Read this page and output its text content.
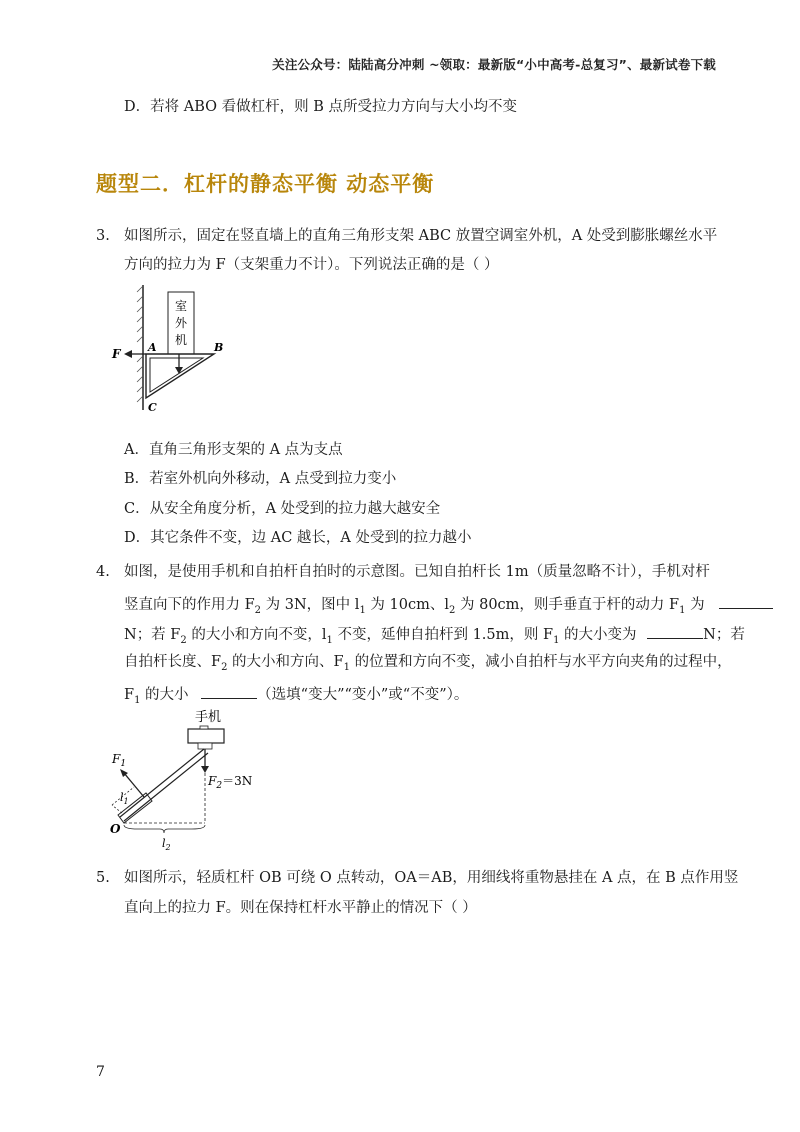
关注公众号：陆陆高分冲刺 ~领取：最新版“小中高考-总复习”、最新试卷下载
D．若将 ABO 看做杠杆，则 B 点所受拉力方向与大小均不变
题型二．杠杆的静态平衡 动态平衡
3. 如图所示，固定在竖直墙上的直角三角形支架 ABC 放置空调室外机，A 处受到膨胀螺丝水平
方向的拉力为 F（支架重力不计）。下列说法正确的是（ ）
室
外
机
F A	B
C
A．直角三角形支架的 A 点为支点
B．若室外机向外移动，A 点受到拉力变小
C．从安全角度分析，A 处受到的拉力越大越安全
D．其它条件不变，边 AC 越长，A 处受到的拉力越小
4. 如图，是使用手机和自拍杆自拍时的示意图。已知自拍杆长 1m（质量忽略不计），手机对杆
竖直向下的作用力 $F_2$ 为 3N，图中 $l_1$ 为 10cm、$l_2$ 为 80cm，则手垂直于杆的动力 $F_1$ 为
N；若 $F_2$ 的大小和方向不变，$l_1$ 不变，延伸自拍杆到 1.5m，则 $F_1$ 的大小变为	N；若
自拍杆长度、$F_2$ 的大小和方向、$F_1$ 的位置和方向不变，减小自拍杆与水平方向夹角的过程中，
$F_1$ 的大小	（选填“变大”“变小”或“不变”）。
手机
$F_2=3N$
$F_1$
$l_1$
$l_2$
O
5. 如图所示，轻质杠杆 OB 可绕 O 点转动，OA＝AB，用细线将重物悬挂在 A 点，在 B 点作用竖
直向上的拉力 F。则在保持杠杆水平静止的情况下（ ）
7
